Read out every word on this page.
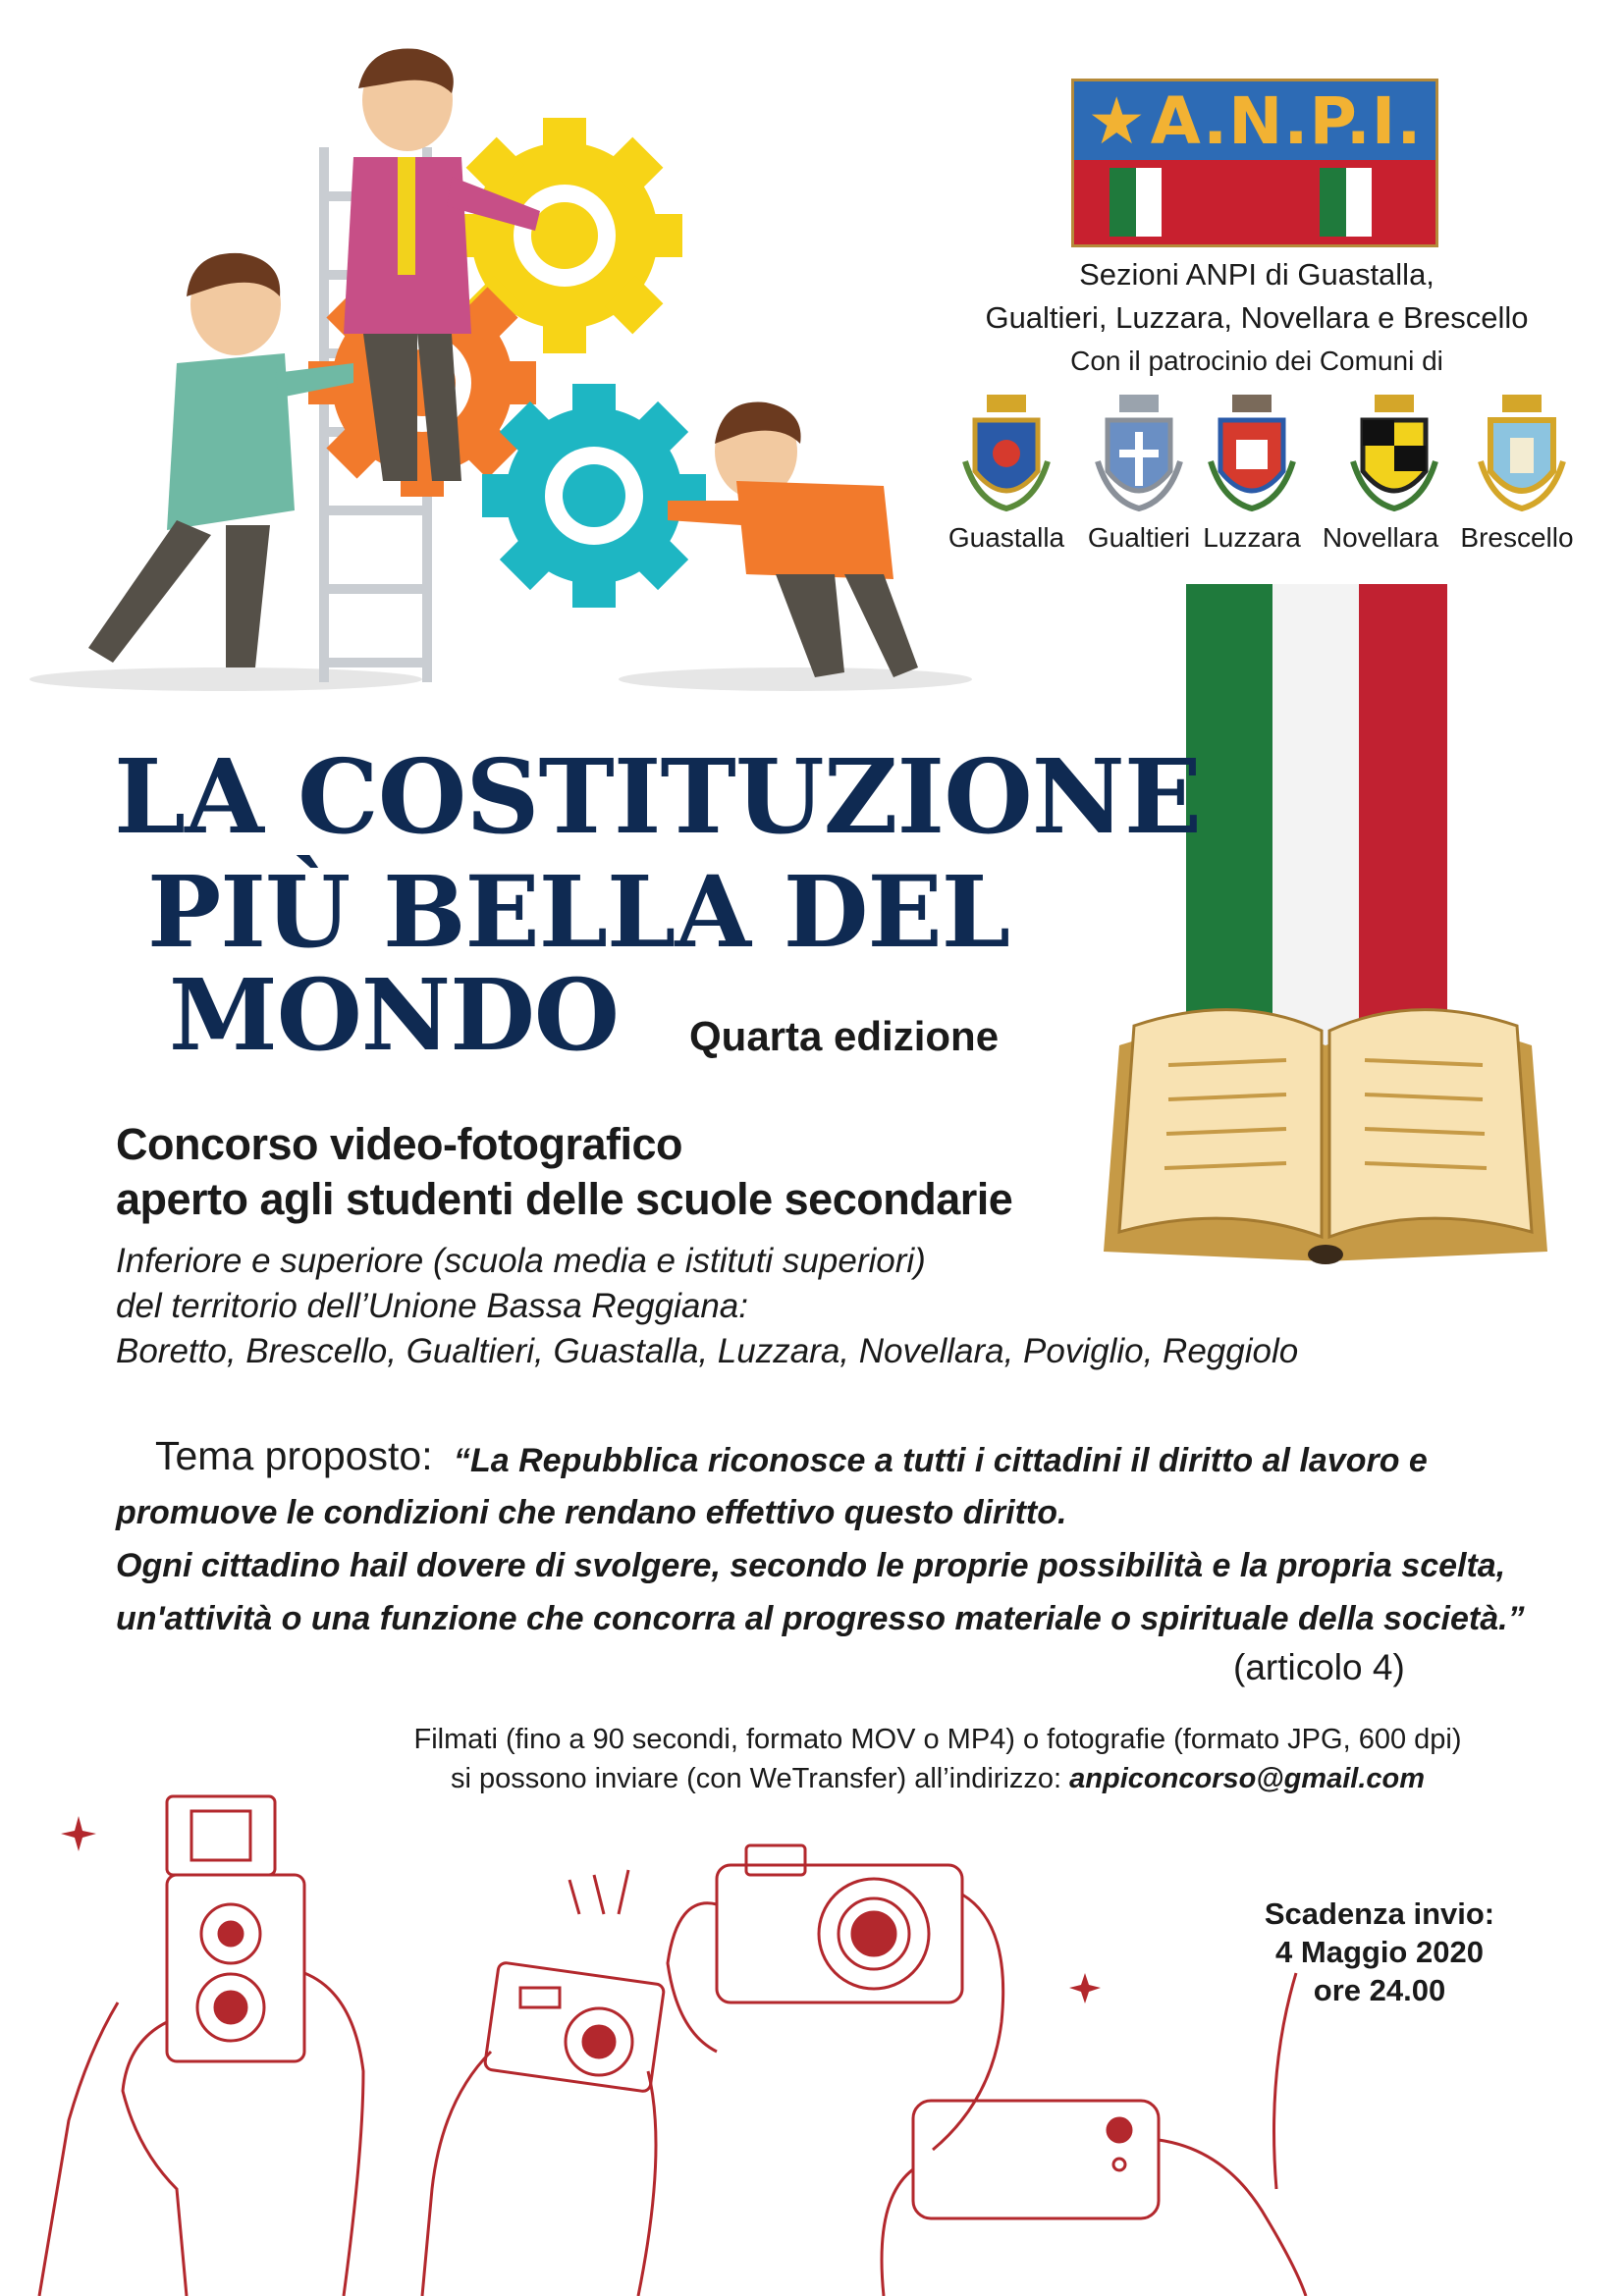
★ A.N.P.I.
Sezioni ANPI di Guastalla,
Gualtieri, Luzzara, Novellara e Brescello
Con il patrocinio dei Comuni di
Guastalla Gualtieri Luzzara Novellara Brescello
LA COSTITUZIONE
PIÙ BELLA DEL
MONDO Quarta edizione
Concorso video-fotografico
aperto agli studenti delle scuole secondarie
Inferiore e superiore (scuola media e istituti superiori)
del territorio dell’Unione Bassa Reggiana:
Boretto, Brescello, Gualtieri, Guastalla, Luzzara, Novellara, Poviglio, Reggiolo
Tema proposto: “La Repubblica riconosce a tutti i cittadini il diritto al lavoro e
promuove le condizioni che rendano effettivo questo diritto.
Ogni cittadino hail dovere di svolgere, secondo le proprie possibilità e la propria scelta,
un'attività o una funzione che concorra al progresso materiale o spirituale della società.”
(articolo 4)
Filmati (fino a 90 secondi, formato MOV o MP4) o fotografie (formato JPG, 600 dpi)
si possono inviare (con WeTransfer) all’indirizzo: anpiconcorso@gmail.com
Scadenza invio:
4 Maggio 2020
ore 24.00
